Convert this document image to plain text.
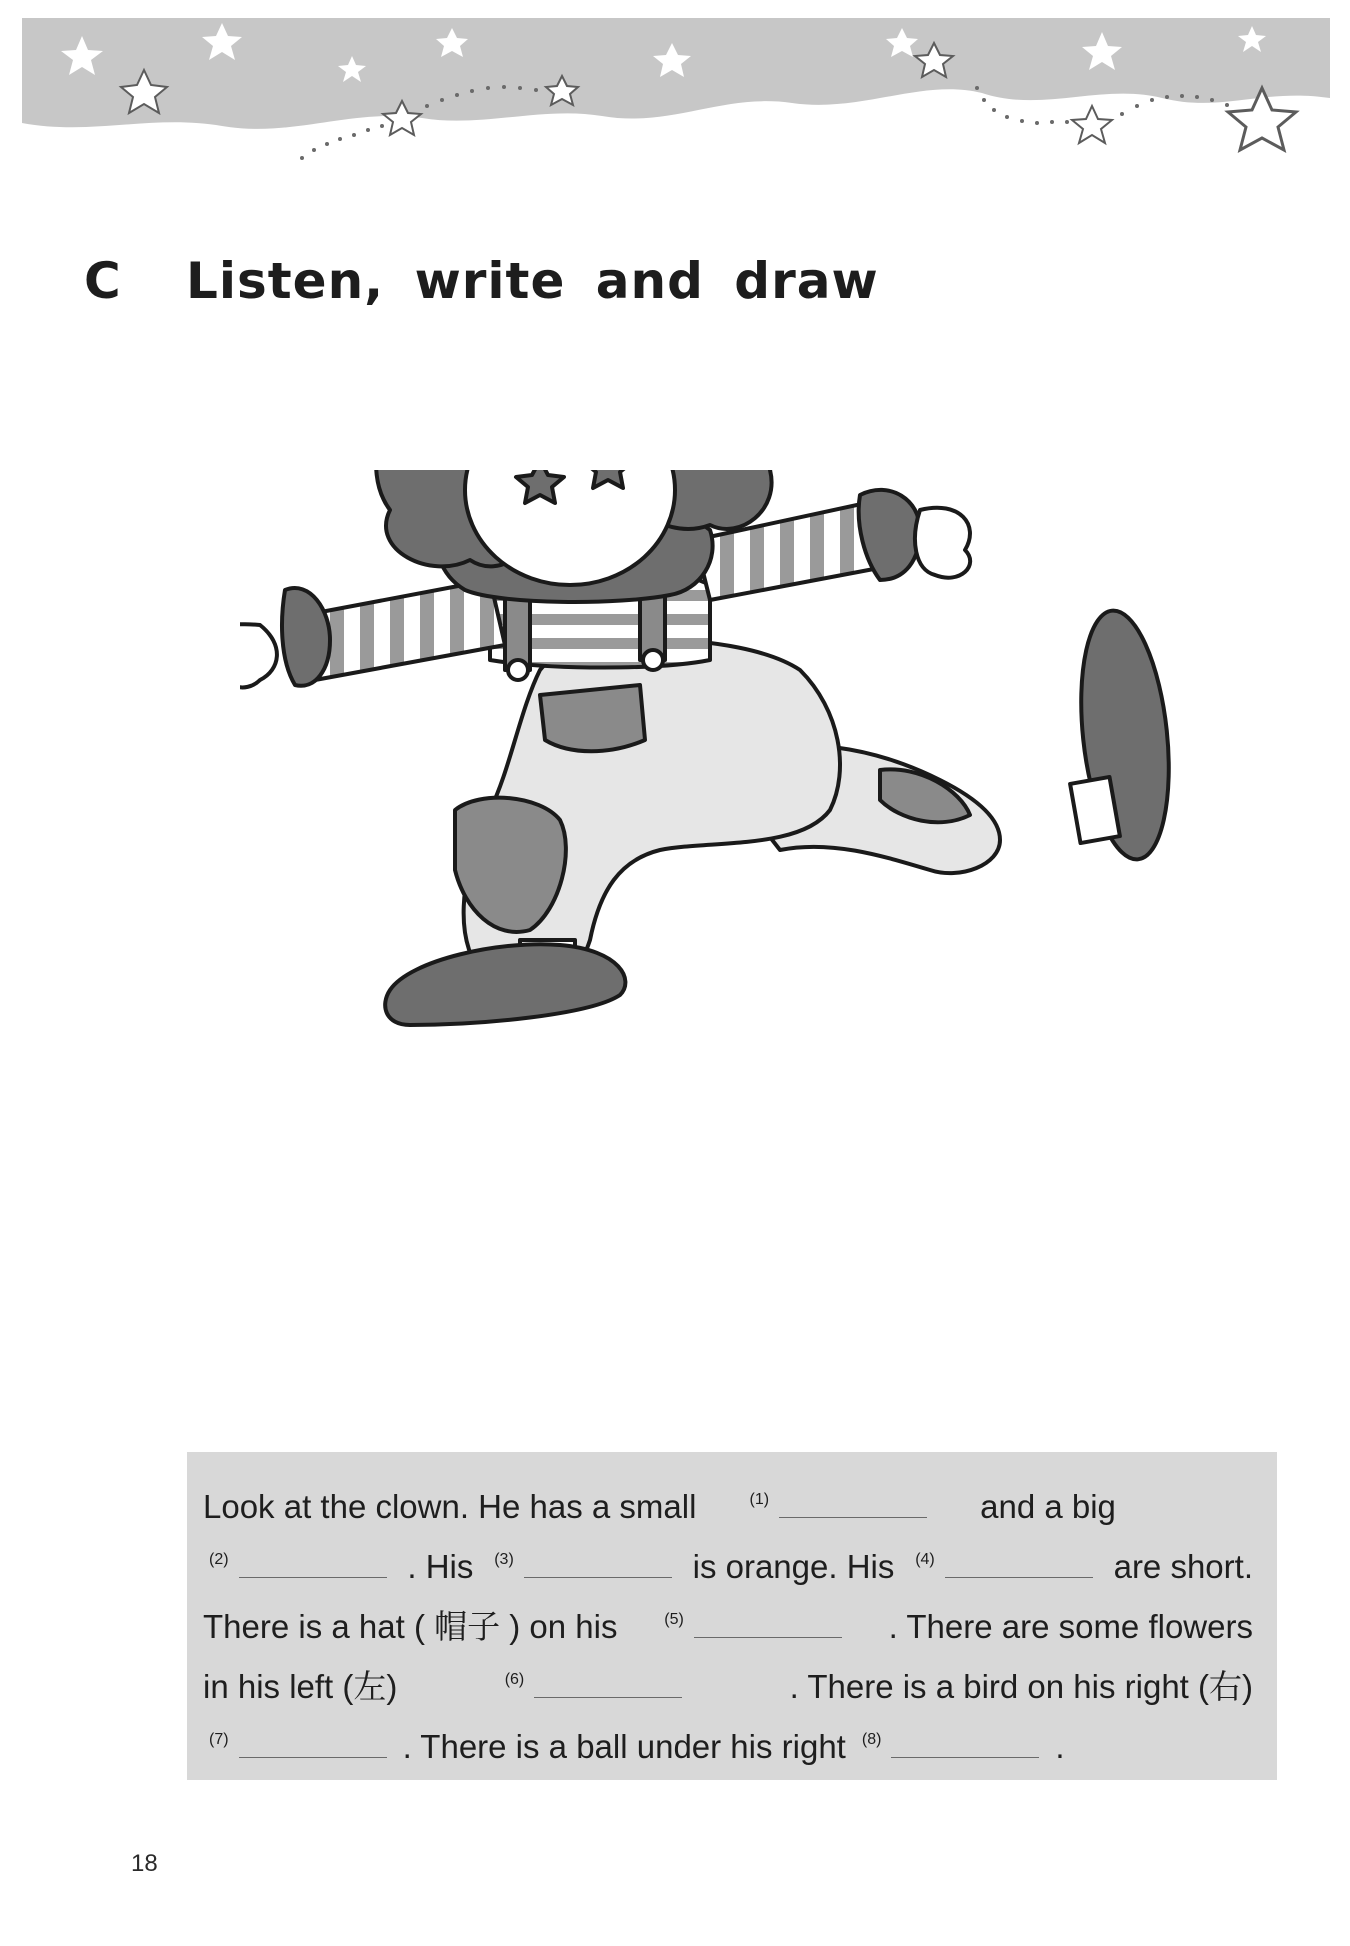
C Listen, write and draw
Look at the clown. He has a small	$^{(1)}$	and a big
$^{(2)}$	. His	$^{(3)}$	is orange. His	$^{(4)}$	are short.
There is a hat ( 帽子 ) on his	$^{(5)}$	. There are some flowers
in his left (左)	$^{(6)}$	. There is a bird on his right (右)
$^{(7)}$	. There is a ball under his right	$^{(8)}$	.
18
